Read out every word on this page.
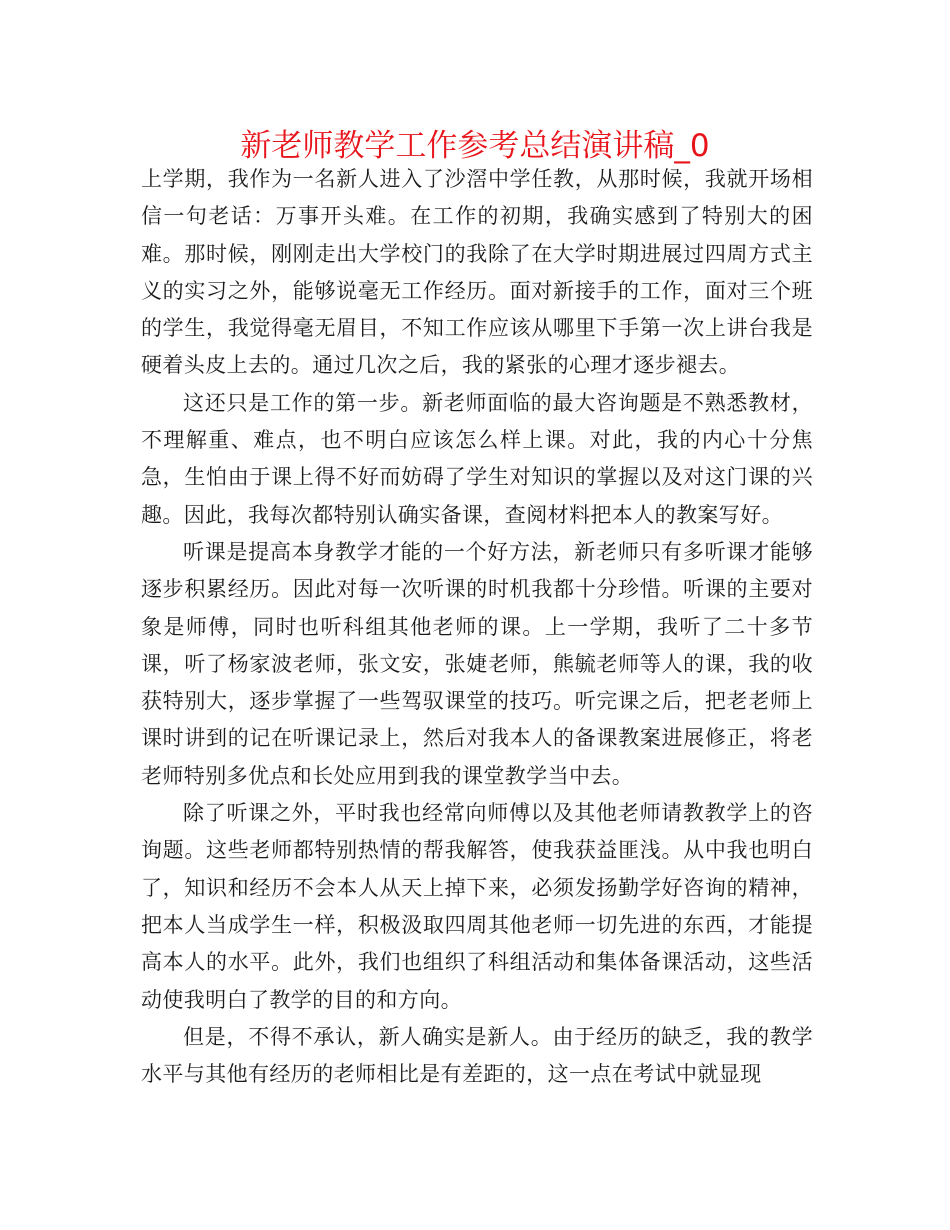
新老师教学工作参考总结演讲稿_0

上学期，我作为一名新人进入了沙滘中学任教，从那时候，我就开场相信一句老话：万事开头难。在工作的初期，我确实感到了特别大的困难。那时候，刚刚走出大学校门的我除了在大学时期进展过四周方式主义的实习之外，能够说毫无工作经历。面对新接手的工作，面对三个班的学生，我觉得毫无眉目，不知工作应该从哪里下手第一次上讲台我是硬着头皮上去的。通过几次之后，我的紧张的心理才逐步褪去。

这还只是工作的第一步。新老师面临的最大咨询题是不熟悉教材，不理解重、难点，也不明白应该怎么样上课。对此，我的内心十分焦急，生怕由于课上得不好而妨碍了学生对知识的掌握以及对这门课的兴趣。因此，我每次都特别认确实备课，查阅材料把本人的教案写好。

听课是提高本身教学才能的一个好方法，新老师只有多听课才能够逐步积累经历。因此对每一次听课的时机我都十分珍惜。听课的主要对象是师傅，同时也听科组其他老师的课。上一学期，我听了二十多节课，听了杨家波老师，张文安，张婕老师，熊毓老师等人的课，我的收获特别大，逐步掌握了一些驾驭课堂的技巧。听完课之后，把老老师上课时讲到的记在听课记录上，然后对我本人的备课教案进展修正，将老老师特别多优点和长处应用到我的课堂教学当中去。

除了听课之外，平时我也经常向师傅以及其他老师请教教学上的咨询题。这些老师都特别热情的帮我解答，使我获益匪浅。从中我也明白了，知识和经历不会本人从天上掉下来，必须发扬勤学好咨询的精神，把本人当成学生一样，积极汲取四周其他老师一切先进的东西，才能提高本人的水平。此外，我们也组织了科组活动和集体备课活动，这些活动使我明白了教学的目的和方向。

但是，不得不承认，新人确实是新人。由于经历的缺乏，我的教学水平与其他有经历的老师相比是有差距的，这一点在考试中就显现
